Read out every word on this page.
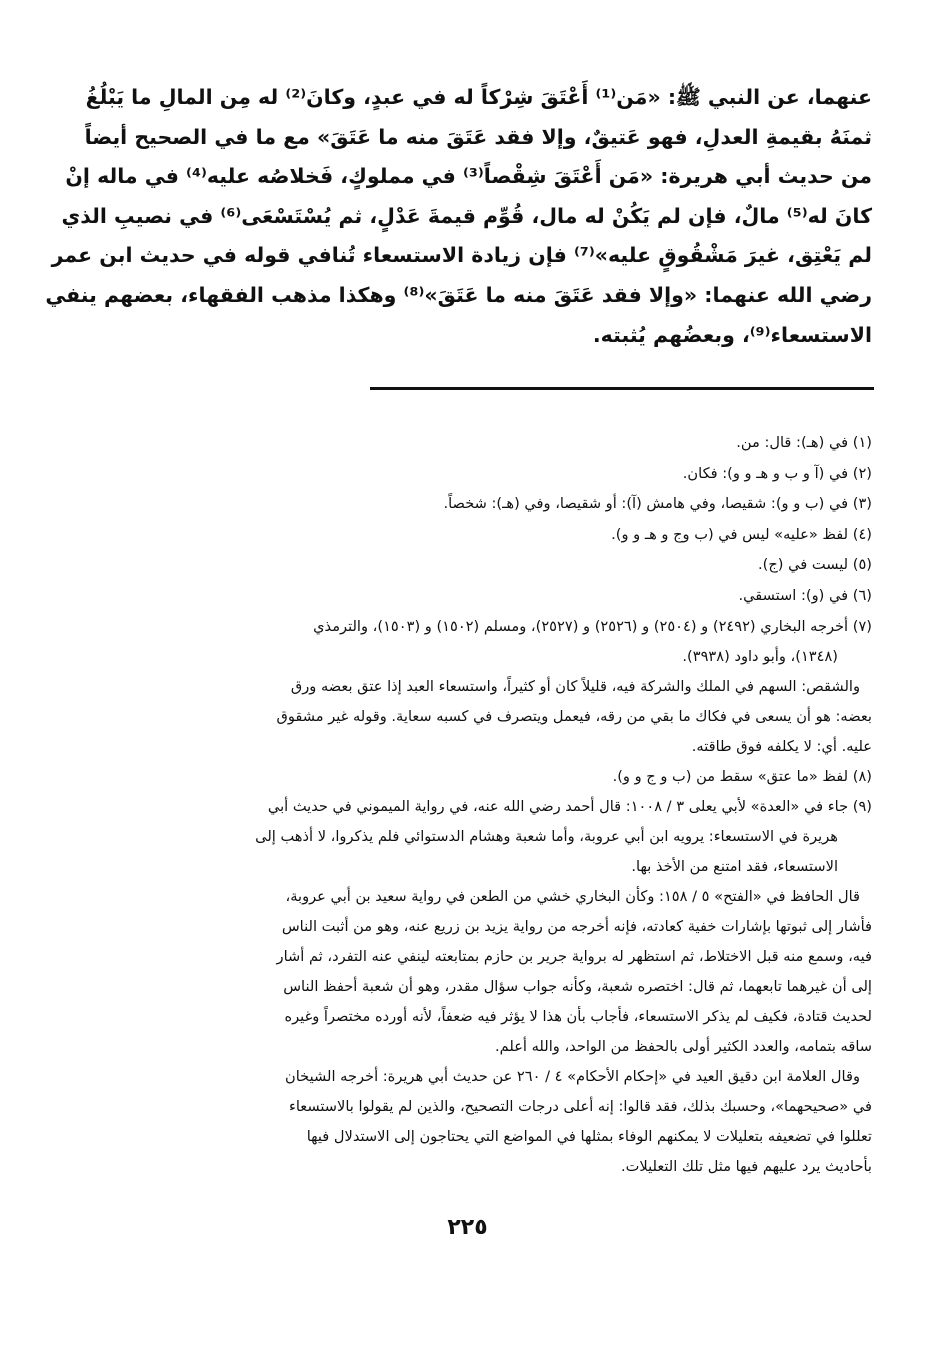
عنهما، عن النبي ﷺ: «مَن⁽¹⁾ أَعْتَقَ شِرْكاً له في عبدٍ، وكانَ⁽²⁾ له مِن المالِ ما يَبْلُغُ
ثمنَهُ بقيمةِ العدلِ، فهو عَتيقٌ، وإلا فقد عَتَقَ منه ما عَتَقَ» مع ما في الصحيح أيضاً
من حديث أبي هريرة: «مَن أَعْتَقَ شِقْصاً⁽³⁾ في مملوكٍ، فَخلاصُه عليه⁽⁴⁾ في ماله إنْ
كانَ له⁽⁵⁾ مالٌ، فإن لم يَكُنْ له مال، قُوِّم قيمةَ عَدْلٍ، ثم يُسْتَسْعَى⁽⁶⁾ في نصيبِ الذي
لم يَعْتِق، غيرَ مَشْقُوقٍ عليه»⁽⁷⁾ فإن زيادة الاستسعاء تُنافي قوله في حديث ابن عمر
رضي الله عنهما: «وإلا فقد عَتَقَ منه ما عَتَقَ»⁽⁸⁾ وهكذا مذهب الفقهاء، بعضهم ينفي
الاستسعاء⁽⁹⁾، وبعضُهم يُثبته.
(١) في (هـ): قال: من.
(٢) في (آ و ب و هـ و و): فكان.
(٣) في (ب و و): شقيصا، وفي هامش (آ): أو شقيصا، وفي (هـ): شخصاً.
(٤) لفظ «عليه» ليس في (ب وج و هـ و و).
(٥) ليست في (ج).
(٦) في (و): استسقي.
(٧) أخرجه البخاري (٢٤٩٢) و (٢٥٠٤) و (٢٥٢٦) و (٢٥٢٧)، ومسلم (١٥٠٢) و (١٥٠٣)، والترمذي
(١٣٤٨)، وأبو داود (٣٩٣٨).
والشقص: السهم في الملك والشركة فيه، قليلاً كان أو كثيراً، واستسعاء العبد إذا عتق بعضه ورق
بعضه: هو أن يسعى في فكاك ما بقي من رقه، فيعمل ويتصرف في كسبه سعاية. وقوله غير مشقوق
عليه. أي: لا يكلفه فوق طاقته.
(٨) لفظ «ما عتق» سقط من (ب و ج و و).
(٩) جاء في «العدة» لأبي يعلى ٣ / ١٠٠٨: قال أحمد رضي الله عنه، في رواية الميموني في حديث أبي
هريرة في الاستسعاء: يرويه ابن أبي عروبة، وأما شعبة وهشام الدستوائي فلم يذكروا، لا أذهب إلى
الاستسعاء، فقد امتنع من الأخذ بها.
قال الحافظ في «الفتح» ٥ / ١٥٨: وكأن البخاري خشي من الطعن في رواية سعيد بن أبي عروبة،
فأشار إلى ثبوتها بإشارات خفية كعادته، فإنه أخرجه من رواية يزيد بن زريع عنه، وهو من أثبت الناس
فيه، وسمع منه قبل الاختلاط، ثم استظهر له برواية جرير بن حازم بمتابعته لينفي عنه التفرد، ثم أشار
إلى أن غيرهما تابعهما، ثم قال: اختصره شعبة، وكأنه جواب سؤال مقدر، وهو أن شعبة أحفظ الناس
لحديث قتادة، فكيف لم يذكر الاستسعاء، فأجاب بأن هذا لا يؤثر فيه ضعفاً، لأنه أورده مختصراً وغيره
ساقه بتمامه، والعدد الكثير أولى بالحفظ من الواحد، والله أعلم.
وقال العلامة ابن دقيق العيد في «إحكام الأحكام» ٤ / ٢٦٠ عن حديث أبي هريرة: أخرجه الشيخان
في «صحيحهما»، وحسبك بذلك، فقد قالوا: إنه أعلى درجات التصحيح، والذين لم يقولوا بالاستسعاء
تعللوا في تضعيفه بتعليلات لا يمكنهم الوفاء بمثلها في المواضع التي يحتاجون إلى الاستدلال فيها
بأحاديث يرد عليهم فيها مثل تلك التعليلات.
٢٢٥
